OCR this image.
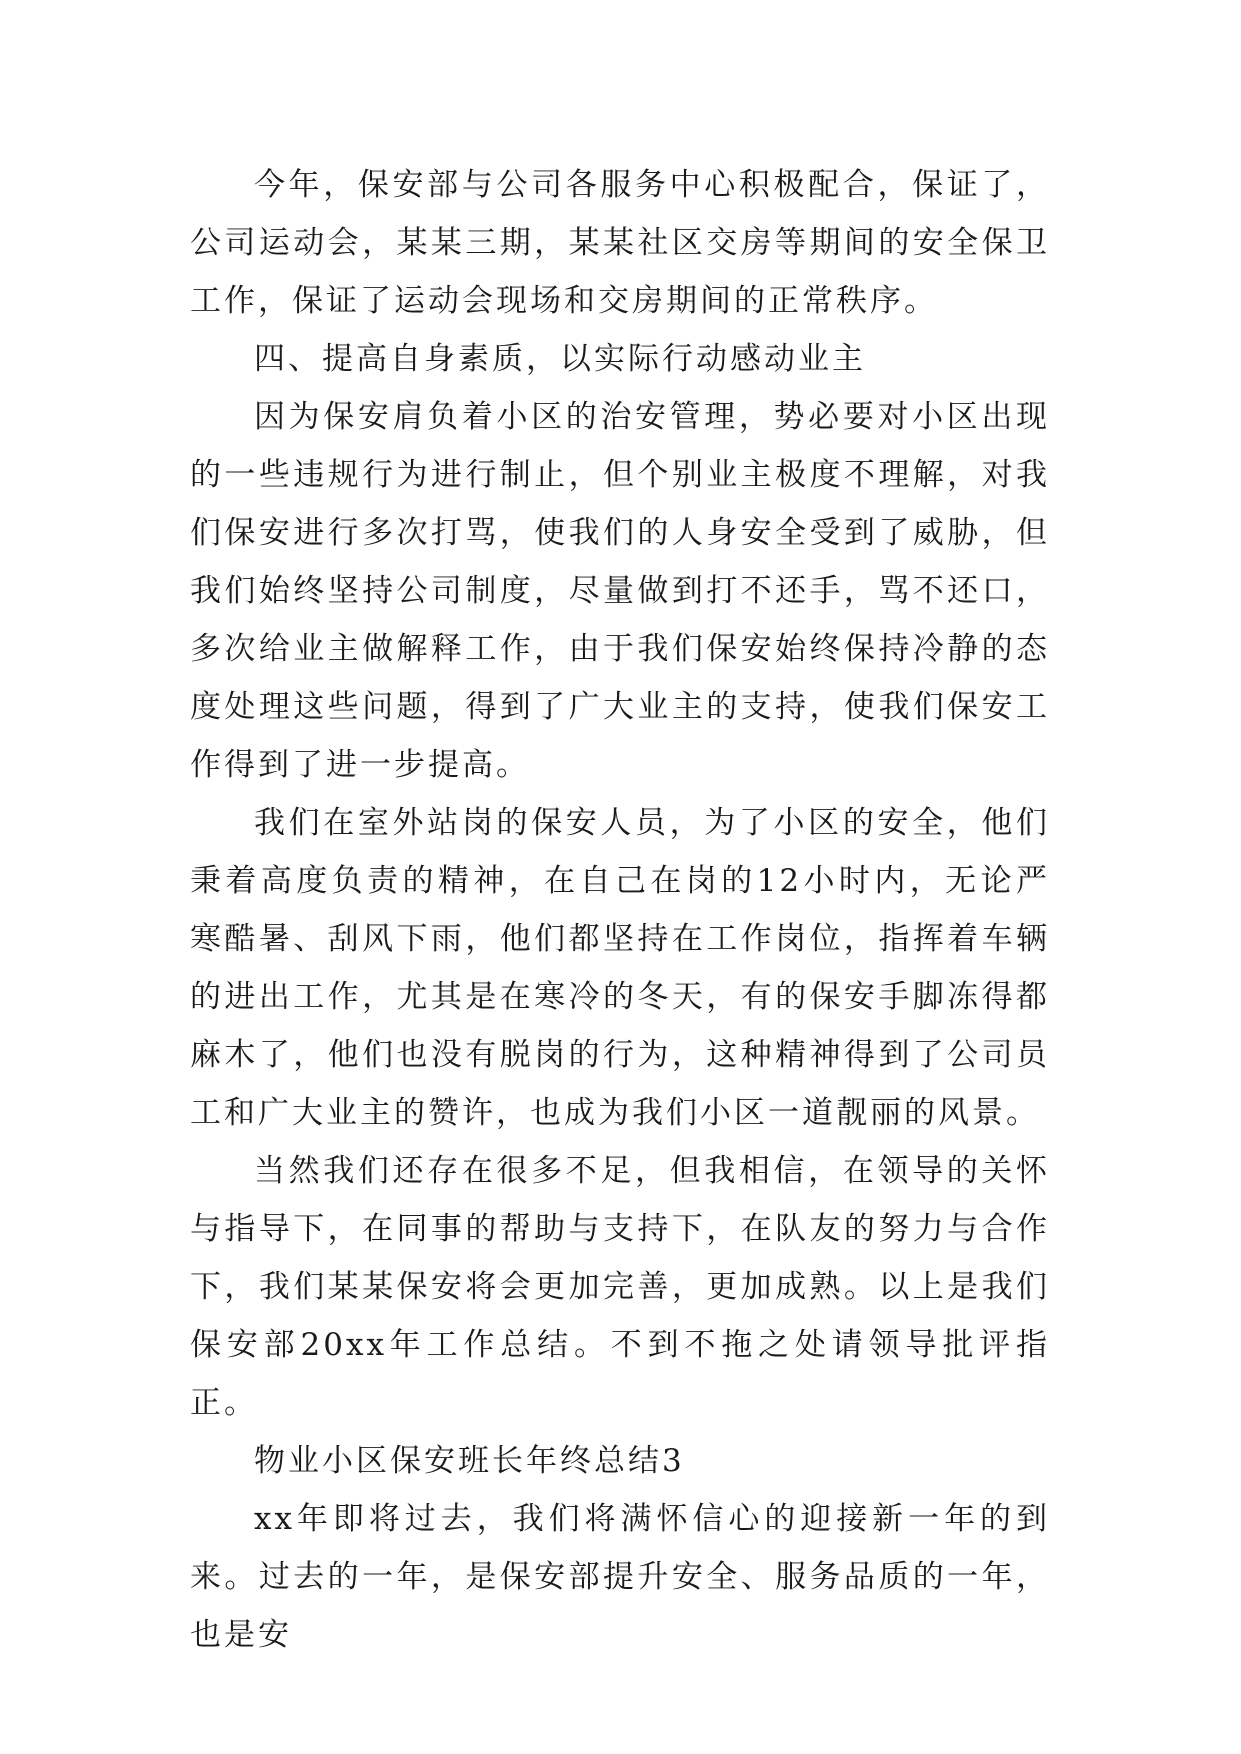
今年，保安部与公司各服务中心积极配合，保证了，公司运动会，某某三期，某某社区交房等期间的安全保卫工作，保证了运动会现场和交房期间的正常秩序。

四、提高自身素质，以实际行动感动业主

因为保安肩负着小区的治安管理，势必要对小区出现的一些违规行为进行制止，但个别业主极度不理解，对我们保安进行多次打骂，使我们的人身安全受到了威胁，但我们始终坚持公司制度，尽量做到打不还手，骂不还口，多次给业主做解释工作，由于我们保安始终保持冷静的态度处理这些问题，得到了广大业主的支持，使我们保安工作得到了进一步提高。

我们在室外站岗的保安人员，为了小区的安全，他们秉着高度负责的精神，在自己在岗的12小时内，无论严寒酷暑、刮风下雨，他们都坚持在工作岗位，指挥着车辆的进出工作，尤其是在寒冷的冬天，有的保安手脚冻得都麻木了，他们也没有脱岗的行为，这种精神得到了公司员工和广大业主的赞许，也成为我们小区一道靓丽的风景。

当然我们还存在很多不足，但我相信，在领导的关怀与指导下，在同事的帮助与支持下，在队友的努力与合作下，我们某某保安将会更加完善，更加成熟。以上是我们保安部20xx年工作总结。不到不拖之处请领导批评指正。

物业小区保安班长年终总结3

xx年即将过去，我们将满怀信心的迎接新一年的到来。过去的一年，是保安部提升安全、服务品质的一年，也是安
